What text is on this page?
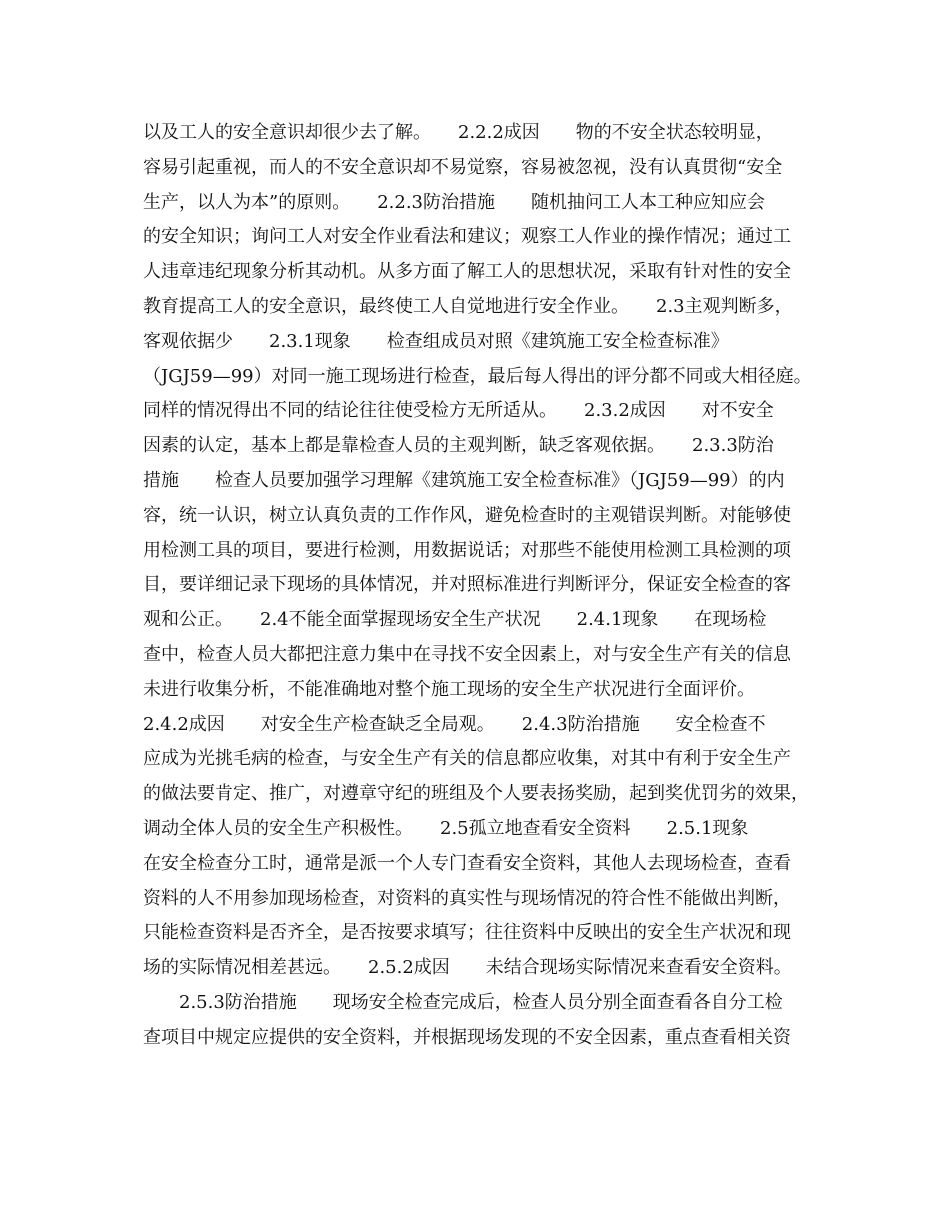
以及工人的安全意识却很少去了解。　　2.2.2成因　　物的不安全状态较明显，
容易引起重视，而人的不安全意识却不易觉察，容易被忽视，没有认真贯彻“安全
生产，以人为本”的原则。　　2.2.3防治措施　　随机抽问工人本工种应知应会
的安全知识；询问工人对安全作业看法和建议；观察工人作业的操作情况；通过工
人违章违纪现象分析其动机。从多方面了解工人的思想状况，采取有针对性的安全
教育提高工人的安全意识，最终使工人自觉地进行安全作业。　　2.3主观判断多，
客观依据少　　2.3.1现象　　检查组成员对照《建筑施工安全检查标准》
（JGJ59—99）对同一施工现场进行检查，最后每人得出的评分都不同或大相径庭。
同样的情况得出不同的结论往往使受检方无所适从。　　2.3.2成因　　对不安全
因素的认定，基本上都是靠检查人员的主观判断，缺乏客观依据。　　2.3.3防治
措施　　检查人员要加强学习理解《建筑施工安全检查标准》（JGJ59—99）的内
容，统一认识，树立认真负责的工作作风，避免检查时的主观错误判断。对能够使
用检测工具的项目，要进行检测，用数据说话；对那些不能使用检测工具检测的项
目，要详细记录下现场的具体情况，并对照标准进行判断评分，保证安全检查的客
观和公正。　　2.4不能全面掌握现场安全生产状况　　2.4.1现象　　在现场检
查中，检查人员大都把注意力集中在寻找不安全因素上，对与安全生产有关的信息
未进行收集分析，不能准确地对整个施工现场的安全生产状况进行全面评价。
2.4.2成因　　对安全生产检查缺乏全局观。　　2.4.3防治措施　　安全检查不
应成为光挑毛病的检查，与安全生产有关的信息都应收集，对其中有利于安全生产
的做法要肯定、推广，对遵章守纪的班组及个人要表扬奖励，起到奖优罚劣的效果，
调动全体人员的安全生产积极性。　　2.5孤立地查看安全资料　　2.5.1现象
在安全检查分工时，通常是派一个人专门查看安全资料，其他人去现场检查，查看
资料的人不用参加现场检查，对资料的真实性与现场情况的符合性不能做出判断，
只能检查资料是否齐全，是否按要求填写；往往资料中反映出的安全生产状况和现
场的实际情况相差甚远。　　2.5.2成因　　未结合现场实际情况来查看安全资料。
　　2.5.3防治措施　　现场安全检查完成后，检查人员分别全面查看各自分工检
查项目中规定应提供的安全资料，并根据现场发现的不安全因素，重点查看相关资
